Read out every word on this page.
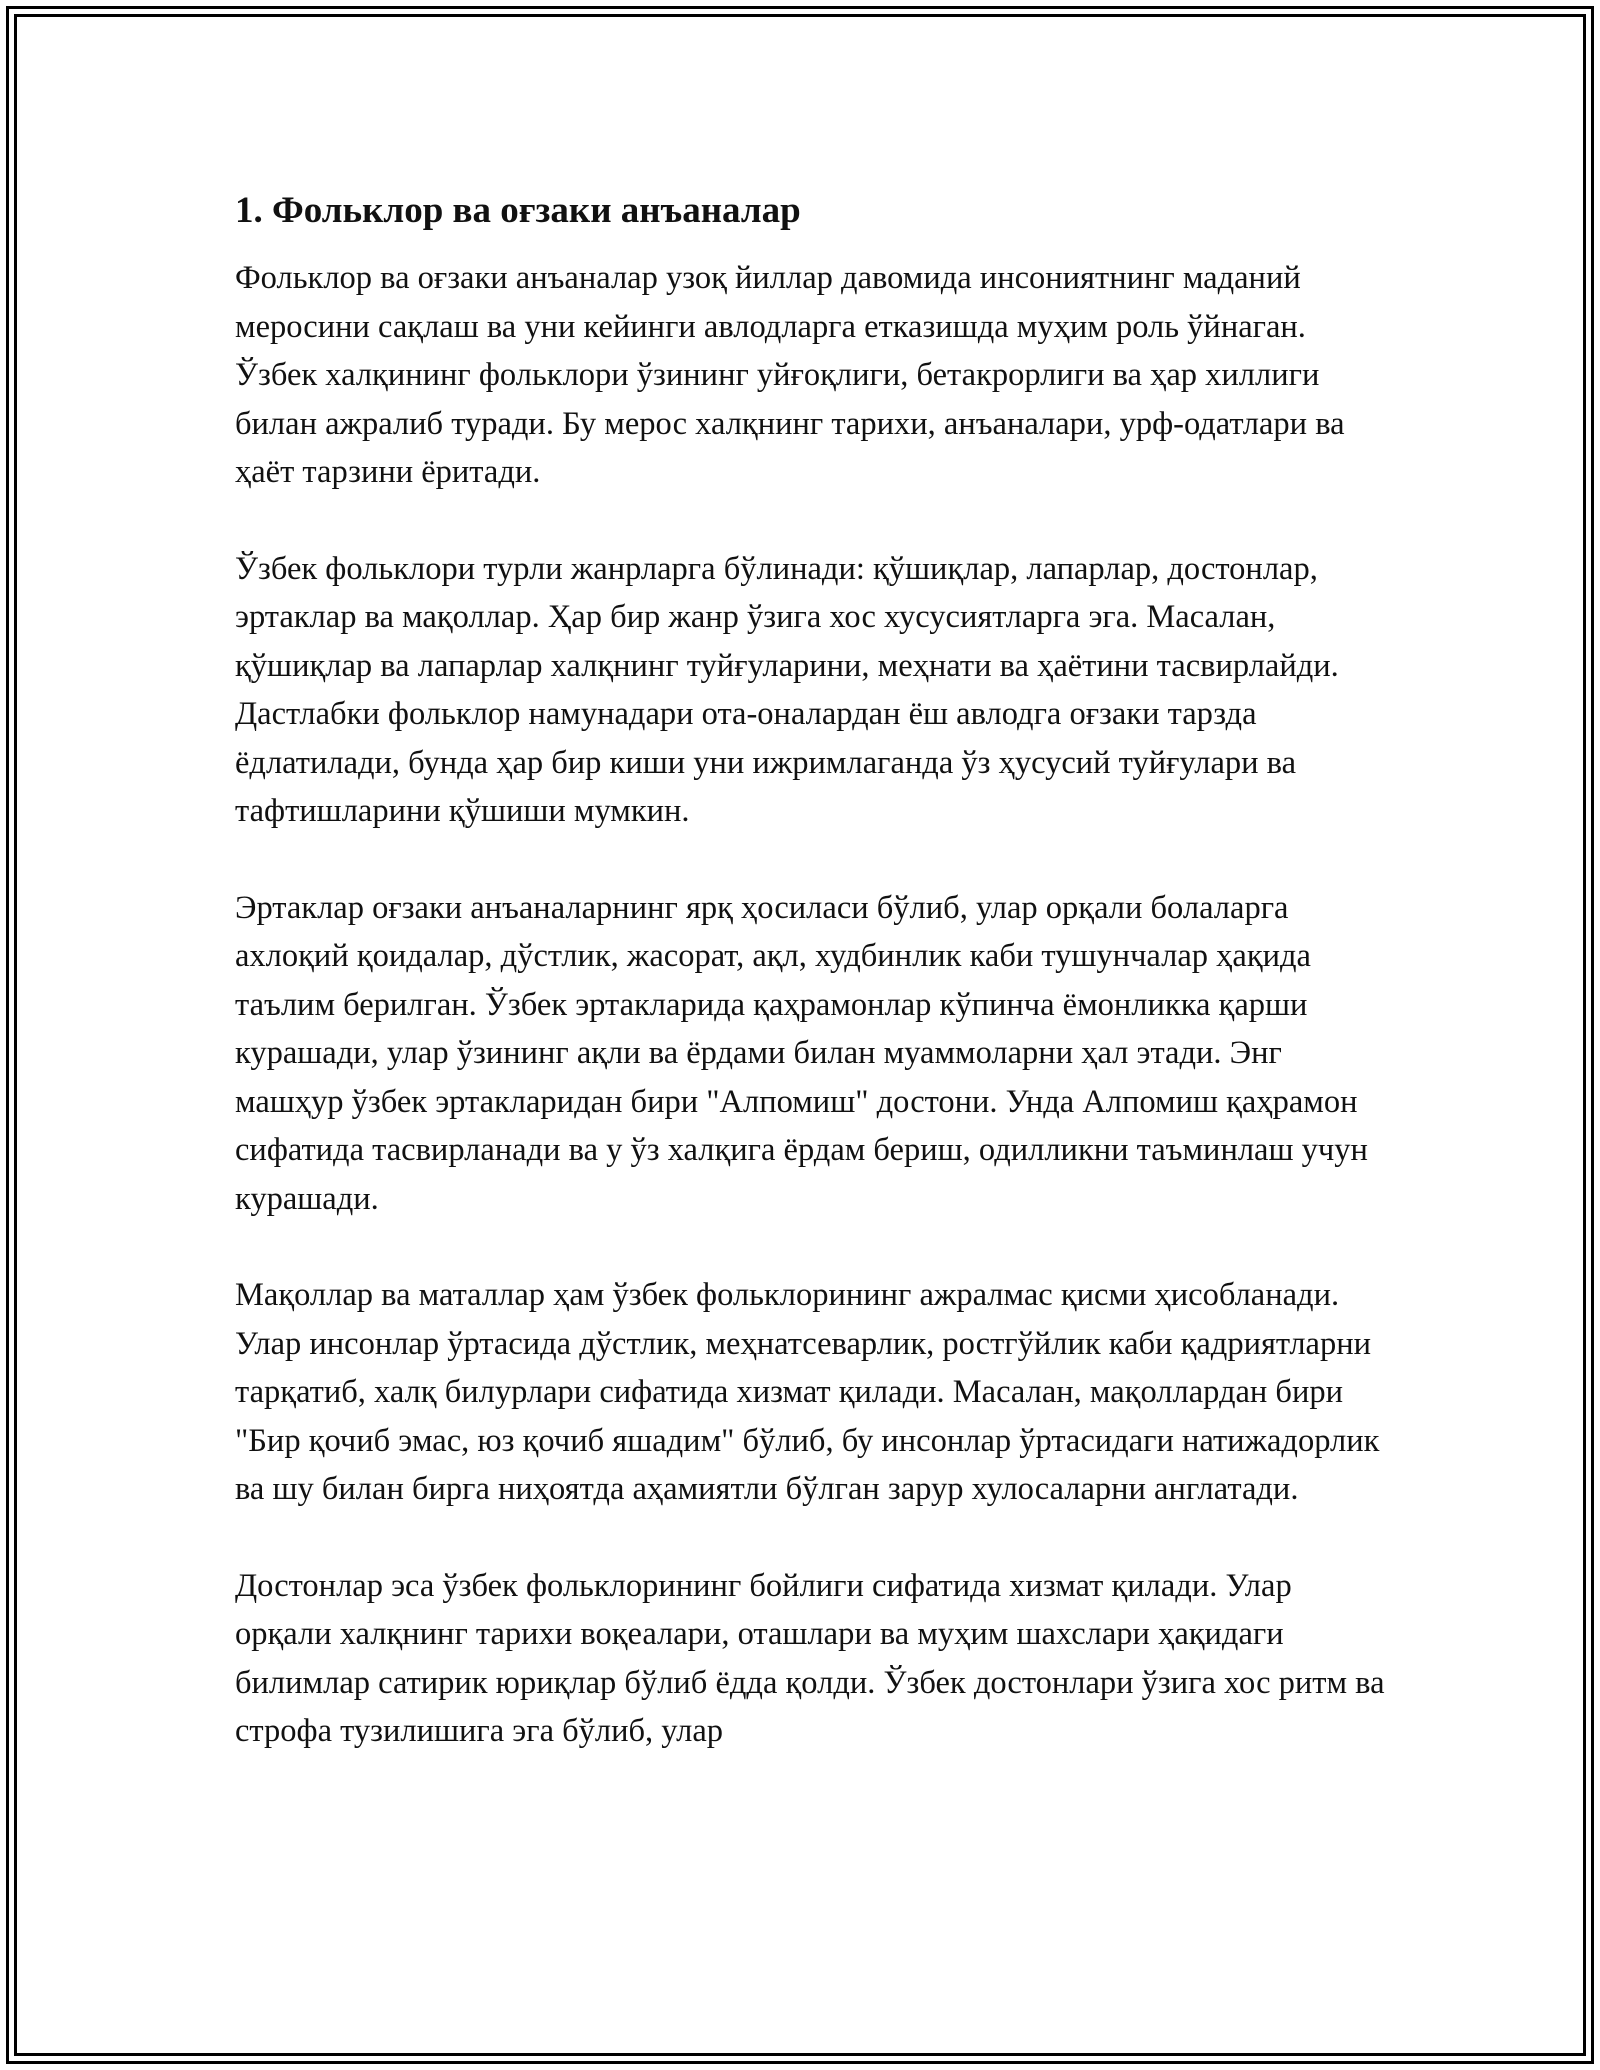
1. Фольклор ва оғзаки анъаналар

Фольклор ва оғзаки анъаналар узоқ йиллар давомида инсониятнинг маданий меросини сақлаш ва уни кейинги авлодларга етказишда муҳим роль ўйнаган. Ўзбек халқининг фольклори ўзининг уйғоқлиги, бетакрорлиги ва ҳар хиллиги билан ажралиб туради. Бу мерос халқнинг тарихи, анъаналари, урф-одатлари ва ҳаёт тарзини ёритади.

Ўзбек фольклори турли жанрларга бўлинади: қўшиқлар, лапарлар, достонлар, эртаклар ва мақоллар. Ҳар бир жанр ўзига хос хусусиятларга эга. Масалан, қўшиқлар ва лапарлар халқнинг туйғуларини, меҳнати ва ҳаётини тасвирлайди. Дастлабки фольклор намунадари ота-оналардан ёш авлодга оғзаки тарзда ёдлатилади, бунда ҳар бир киши уни ижримлаганда ўз ҳусусий туйғулари ва тафтишларини қўшиши мумкин.

Эртаклар оғзаки анъаналарнинг ярқ ҳосиласи бўлиб, улар орқали болаларга ахлоқий қоидалар, дўстлик, жасорат, ақл, худбинлик каби тушунчалар ҳақида таълим берилган. Ўзбек эртакларида қаҳрамонлар кўпинча ёмонликка қарши курашади, улар ўзининг ақли ва ёрдами билан муаммоларни ҳал этади. Энг машҳур ўзбек эртакларидан бири "Алпомиш" достони. Унда Алпомиш қаҳрамон сифатида тасвирланади ва у ўз халқига ёрдам бериш, одилликни таъминлаш учун курашади.

Мақоллар ва маталлар ҳам ўзбек фольклорининг ажралмас қисми ҳисобланади. Улар инсонлар ўртасида дўстлик, меҳнатсеварлик, ростгўйлик каби қадриятларни тарқатиб, халқ билурлари сифатида хизмат қилади. Масалан, мақоллардан бири "Бир қочиб эмас, юз қочиб яшадим" бўлиб, бу инсонлар ўртасидаги натижадорлик ва шу билан бирга ниҳоятда аҳамиятли бўлган зарур хулосаларни англатади.

Достонлар эса ўзбек фольклорининг бойлиги сифатида хизмат қилади. Улар орқали халқнинг тарихи воқеалари, оташлари ва муҳим шахслари ҳақидаги билимлар сатирик юриқлар бўлиб ёдда қолди. Ўзбек достонлари ўзига хос ритм ва строфа тузилишига эга бўлиб, улар
